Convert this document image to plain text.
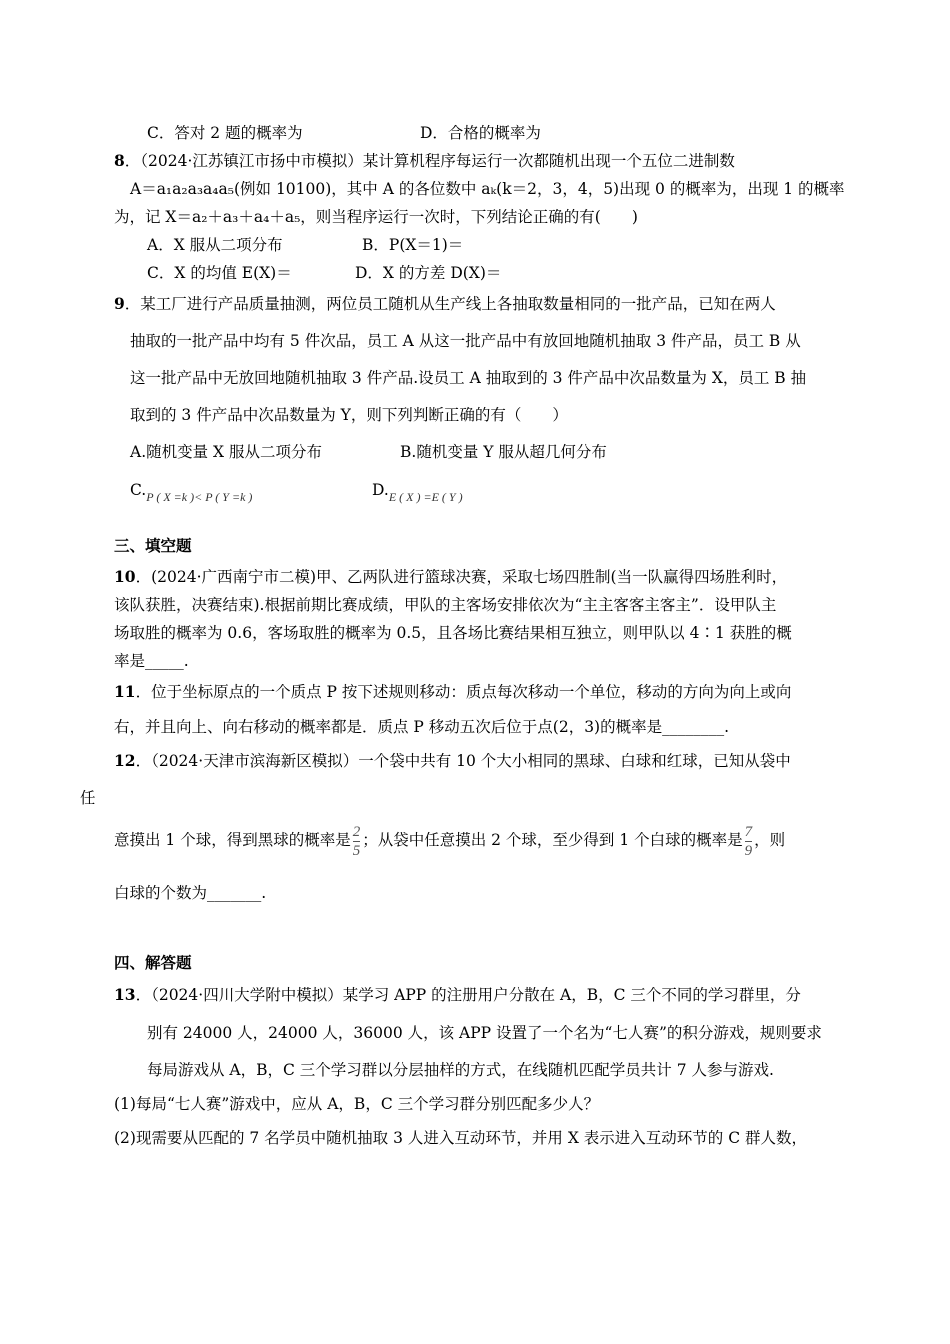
C．答对 2 题的概率为	D．合格的概率为
8．（2024·江苏镇江市扬中市模拟）某计算机程序每运行一次都随机出现一个五位二进制数
A＝a₁a₂a₃a₄a₅(例如 10100)，其中 A 的各位数中 aₖ(k＝2，3，4，5)出现 0 的概率为，出现 1 的概率
为，记 X＝a₂＋a₃＋a₄＋a₅，则当程序运行一次时，下列结论正确的有(　　)
A．X 服从二项分布	B．P(X＝1)＝
C．X 的均值 E(X)＝	D．X 的方差 D(X)＝
9．某工厂进行产品质量抽测，两位员工随机从生产线上各抽取数量相同的一批产品，已知在两人
抽取的一批产品中均有 5 件次品，员工 A 从这一批产品中有放回地随机抽取 3 件产品，员工 B 从
这一批产品中无放回地随机抽取 3 件产品.设员工 A 抽取到的 3 件产品中次品数量为 X，员工 B 抽
取到的 3 件产品中次品数量为 Y，则下列判断正确的有（　　）
A.随机变量 X 服从二项分布	B.随机变量 Y 服从超几何分布
$C._{P ( X =k )< P ( Y =k )}$	$D._{E ( X ) =E ( Y )}$
三、填空题
10．(2024·广西南宁市二模)甲、乙两队进行篮球决赛，采取七场四胜制(当一队赢得四场胜利时，
该队获胜，决赛结束).根据前期比赛成绩，甲队的主客场安排依次为“主主客客主客主”．设甲队主
场取胜的概率为 0.6，客场取胜的概率为 0.5，且各场比赛结果相互独立，则甲队以 4∶1 获胜的概
率是_____.
11．位于坐标原点的一个质点 P 按下述规则移动：质点每次移动一个单位，移动的方向为向上或向
右，并且向上、向右移动的概率都是．质点 P 移动五次后位于点(2，3)的概率是________.
12．（2024·天津市滨海新区模拟）一个袋中共有 10 个大小相同的黑球、白球和红球，已知从袋中
任
意摸出 1 个球，得到黑球的概率是 $\frac{2}{5}$ ；从袋中任意摸出 2 个球，至少得到 1 个白球的概率是 $\frac{7}{9}$ ，则
白球的个数为_______.
四、解答题
13．（2024·四川大学附中模拟）某学习 APP 的注册用户分散在 A，B，C 三个不同的学习群里，分
别有 24000 人，24000 人，36000 人，该 APP 设置了一个名为“七人赛”的积分游戏，规则要求
每局游戏从 A，B，C 三个学习群以分层抽样的方式，在线随机匹配学员共计 7 人参与游戏.
(1)每局“七人赛”游戏中，应从 A，B，C 三个学习群分别匹配多少人？
(2)现需要从匹配的 7 名学员中随机抽取 3 人进入互动环节，并用 X 表示进入互动环节的 C 群人数，
